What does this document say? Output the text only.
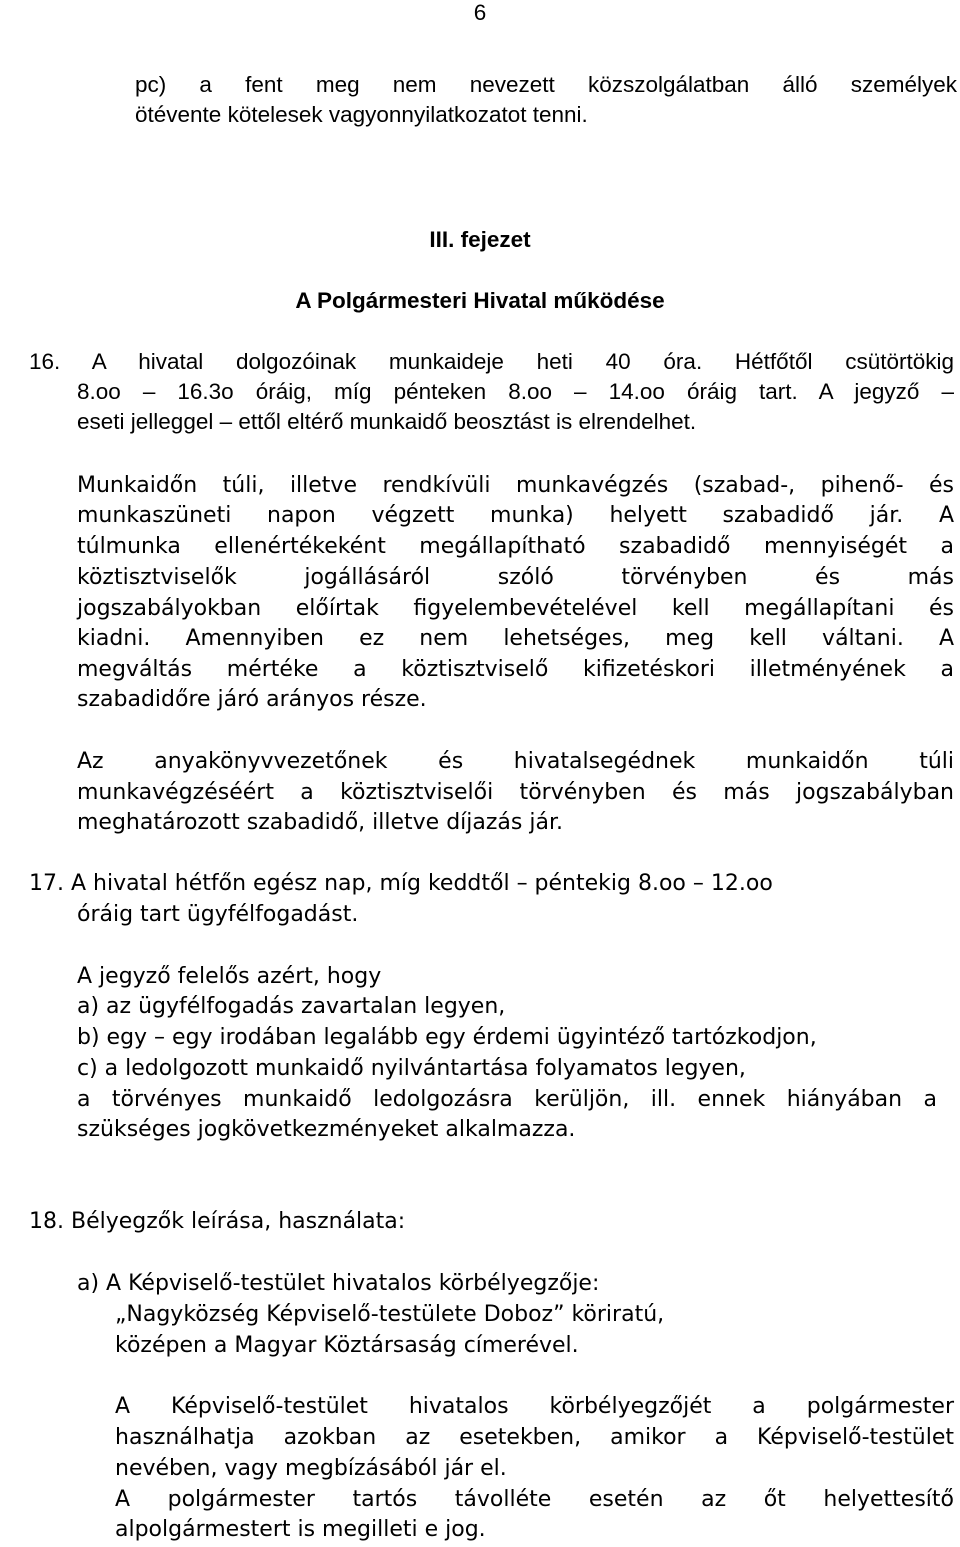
6
pc) a fent meg nem nevezett közszolgálatban álló személyek
ötévente kötelesek vagyonnyilatkozatot tenni.
III. fejezet
A Polgármesteri Hivatal működése
16. A hivatal dolgozóinak munkaideje heti 40 óra. Hétfőtől csütörtökig
8.oo – 16.3o óráig, míg pénteken 8.oo – 14.oo óráig tart. A jegyző –
eseti jelleggel – ettől eltérő munkaidő beosztást is elrendelhet.
Munkaidőn túli, illetve rendkívüli munkavégzés (szabad-, pihenő- és
munkaszüneti napon végzett munka) helyett szabadidő jár. A
túlmunka ellenértékeként megállapítható szabadidő mennyiségét a
köztisztviselők jogállásáról szóló törvényben és más
jogszabályokban előírtak figyelembevételével kell megállapítani és
kiadni. Amennyiben ez nem lehetséges, meg kell váltani. A
megváltás mértéke a köztisztviselő kifizetéskori illetményének a
szabadidőre járó arányos része.
Az anyakönyvvezetőnek és hivatalsegédnek munkaidőn túli
munkavégzéséért a köztisztviselői törvényben és más jogszabályban
meghatározott szabadidő, illetve díjazás jár.
17. A hivatal hétfőn egész nap, míg keddtől – péntekig 8.oo – 12.oo
óráig tart ügyfélfogadást.
A jegyző felelős azért, hogy
a) az ügyfélfogadás zavartalan legyen,
b) egy – egy irodában legalább egy érdemi ügyintéző tartózkodjon,
c) a ledolgozott munkaidő nyilvántartása folyamatos legyen,
a törvényes munkaidő ledolgozásra kerüljön, ill. ennek hiányában a
szükséges jogkövetkezményeket alkalmazza.
18. Bélyegzők leírása, használata:
a) A Képviselő-testület hivatalos körbélyegzője:
„Nagyközség Képviselő-testülete Doboz” köriratú,
középen a Magyar Köztársaság címerével.
A Képviselő-testület hivatalos körbélyegzőjét a polgármester
használhatja azokban az esetekben, amikor a Képviselő-testület
nevében, vagy megbízásából jár el.
A polgármester tartós távolléte esetén az őt helyettesítő
alpolgármestert is megilleti e jog.
